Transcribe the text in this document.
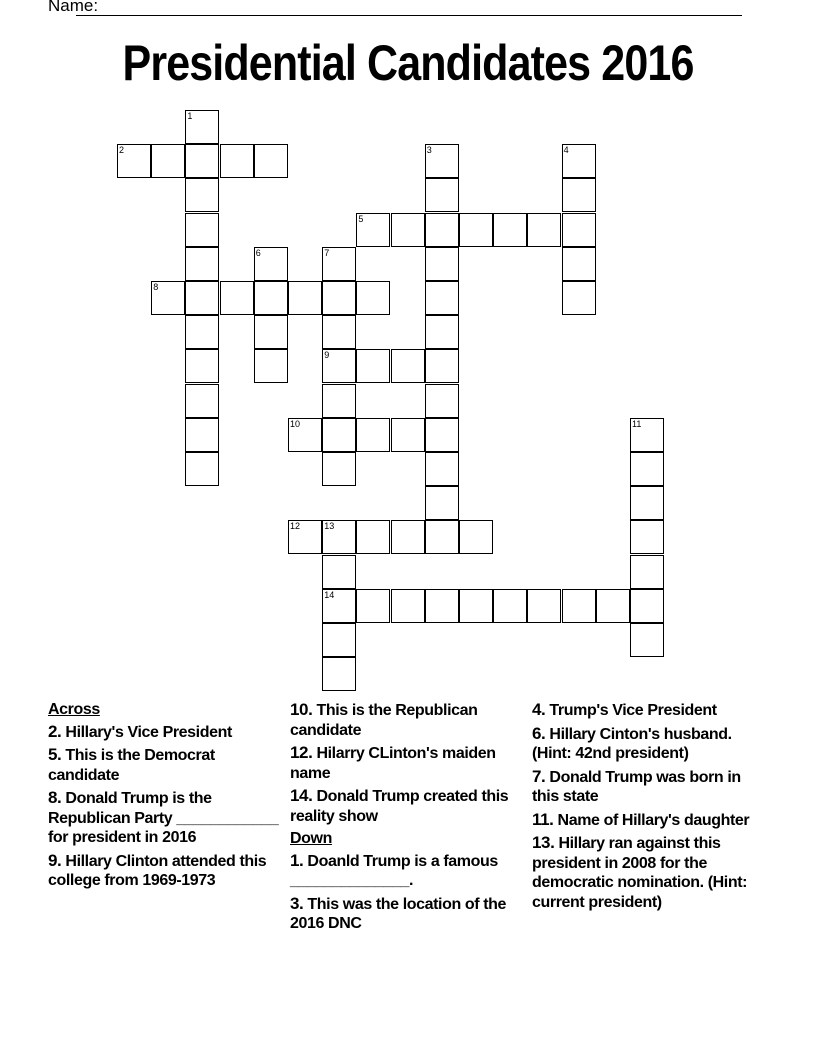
Name:
Presidential Candidates 2016
2
5
8
9
10
12	13
14
1
3	4
6	7
11
Across
2. Hillary's Vice President
5. This is the Democrat candidate
8. Donald Trump is the Republican Party ____________ for president in 2016
9. Hillary Clinton attended this college from 1969-1973
10. This is the Republican candidate
12. Hilarry CLinton's maiden name
14. Donald Trump created this reality show
Down
1. Doanld Trump is a famous ______________.
3. This was the location of the 2016 DNC
4. Trump's Vice President
6. Hillary Cinton's husband. (Hint: 42nd president)
7. Donald Trump was born in this state
11. Name of Hillary's daughter
13. Hillary ran against this president in 2008 for the democratic nomination. (Hint: current president)
